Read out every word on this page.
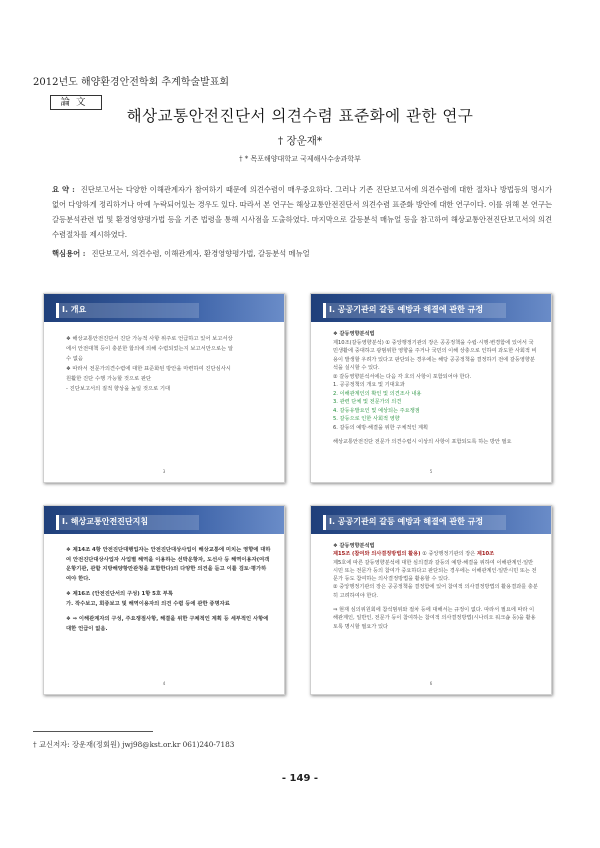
2012년도 해양환경안전학회 추계학술발표회
論文
해상교통안전진단서 의견수렴 표준화에 관한 연구
† 장운재*
† * 목포해양대학교 국제해사수송과학부
요 약 : 진단보고서는 다양한 이해관계자가 참여하기 때문에 의견수렴이 매우중요하다. 그러나 기존 진단보고서에 의견수렴에 대한 절차나 방법등의 명시가 없어 다양하게 정리하거나 아예 누락되어있는 경우도 있다. 따라서 본 연구는 해상교통안전진단서 의견수렴 표준화 방안에 대한 연구이다. 이를 위해 본 연구는 갈등분석관련 법 및 환경영향평가법 등을 기존 법령을 통해 시사점을 도출하였다. 마지막으로 갈등분석 매뉴얼 등을 참고하여 해상교통안전진단보고서의 의견수렴절차를 제시하였다.
핵심용어 : 진단보고서, 의견수렴, 이해관계자, 환경영향평가법, 갈등분석 메뉴얼
Ⅰ. 개요

❖ 해상교통안전진단서 진단 가능적 사항 위주로 언급하고 있어 보고서상

에서 안전대책 등이 충분한 합의에 의해 수렴되었는지 보고서만으로는 알

수 없음

❖ 따라서 전문가의견수렴에 대한 표준화된 방안을 마련하여 진단심사시

원활한 진단 수행 가능할 것으로 판단

- 진단보고서의 질적 향상을 높일 것으로 기대

3
Ⅰ. 공공기관의 갈등 예방과 해결에 관한 규정

❖ 갈등영향분석법

제10조(갈등영향분석) ① 중앙행정기관의 장은 공공정책을 수립·시행·변경함에 있어서 국민생활에 중대하고 광범위한 영향을 주거나 국민의 이해 상충으로 인하여 과도한 사회적 비용이 발생할 우려가 있다고 판단되는 경우에는 해당 공공정책을 결정하기 전에 갈등영향분석을 실시할 수 있다.

② 갈등영향분석서에는 다음 각 호의 사항이 포함되어야 한다.

1. 공공정책의 개요 및 기대효과

2. 이해관계인의 확인 및 의견조사 내용

3. 관련 단체 및 전문가의 의견

4. 갈등유발요인 및 예상되는 주요쟁점

5. 갈등으로 인한 사회적 영향

6. 갈등의 예방·해결을 위한 구체적인 계획

해상교통안전진단 전문가 의견수렴시 이상의 사항이 포함되도록 하는 방안 필요

5
Ⅰ. 해상교통안전진단지침

❖ 제14조 4항 안전진단대행업자는 안전진단대상사업이 해상교통에 미치는 영향에 대하여 안전진단대상사업자 사업별 해역을 이용하는 선박운항자, 도선사 등 해역이용자(여객운항기관, 관할 지방해양항만관청을 포함한다)의 다양한 의견을 듣고 이를 검토·평가하여야 한다.

❖ 제16조 (안전진단서의 구성) 1항 5호 부록

가. 작수보고, 회증보고 및 해역이용자의 의견 수렴 등에 관한 증명자료

❖ ⇒ 이해관계자의 구성, 주요쟁점사항, 해결을 위한 구체적인 계획 등 세부적인 사항에 대한 언급이 없음.

4
Ⅰ. 공공기관의 갈등 예방과 해결에 관한 규정

❖ 갈등영향분석법

제15조 (참여와 의사결정방법의 활용) ① 중앙행정기관의 장은 제10조

제5호에 따른 갈등영향분석에 대한 심의결과 갈등의 예방·해결을 위하여 이해관계인·일반시민 또는 전문가 등의 참여가 중요하다고 판단되는 경우에는 이해관계인·일반시민 또는 전문가 등도 참여하는 의사결정방법을 활용할 수 있다.

② 중앙행정기관의 장은 공공정책을 결정함에 있어 참여적 의사결정방법의 활용결과를 충분히 고려하여야 한다.

⇒ 현재 심의위원회에 참석범위와 절차 등에 대해서는 규정이 없다. 따라서 필요에 따라 이해관계인, 일반인, 전문가 등이 참여하는 참여적 의사결정방법(시나리오 워크숍 등)을 활용토록 명시할 필요가 있다

6
† 교신저자: 장운재(정회원) jwj98@kst.or.kr 061)240-7183
- 149 -
